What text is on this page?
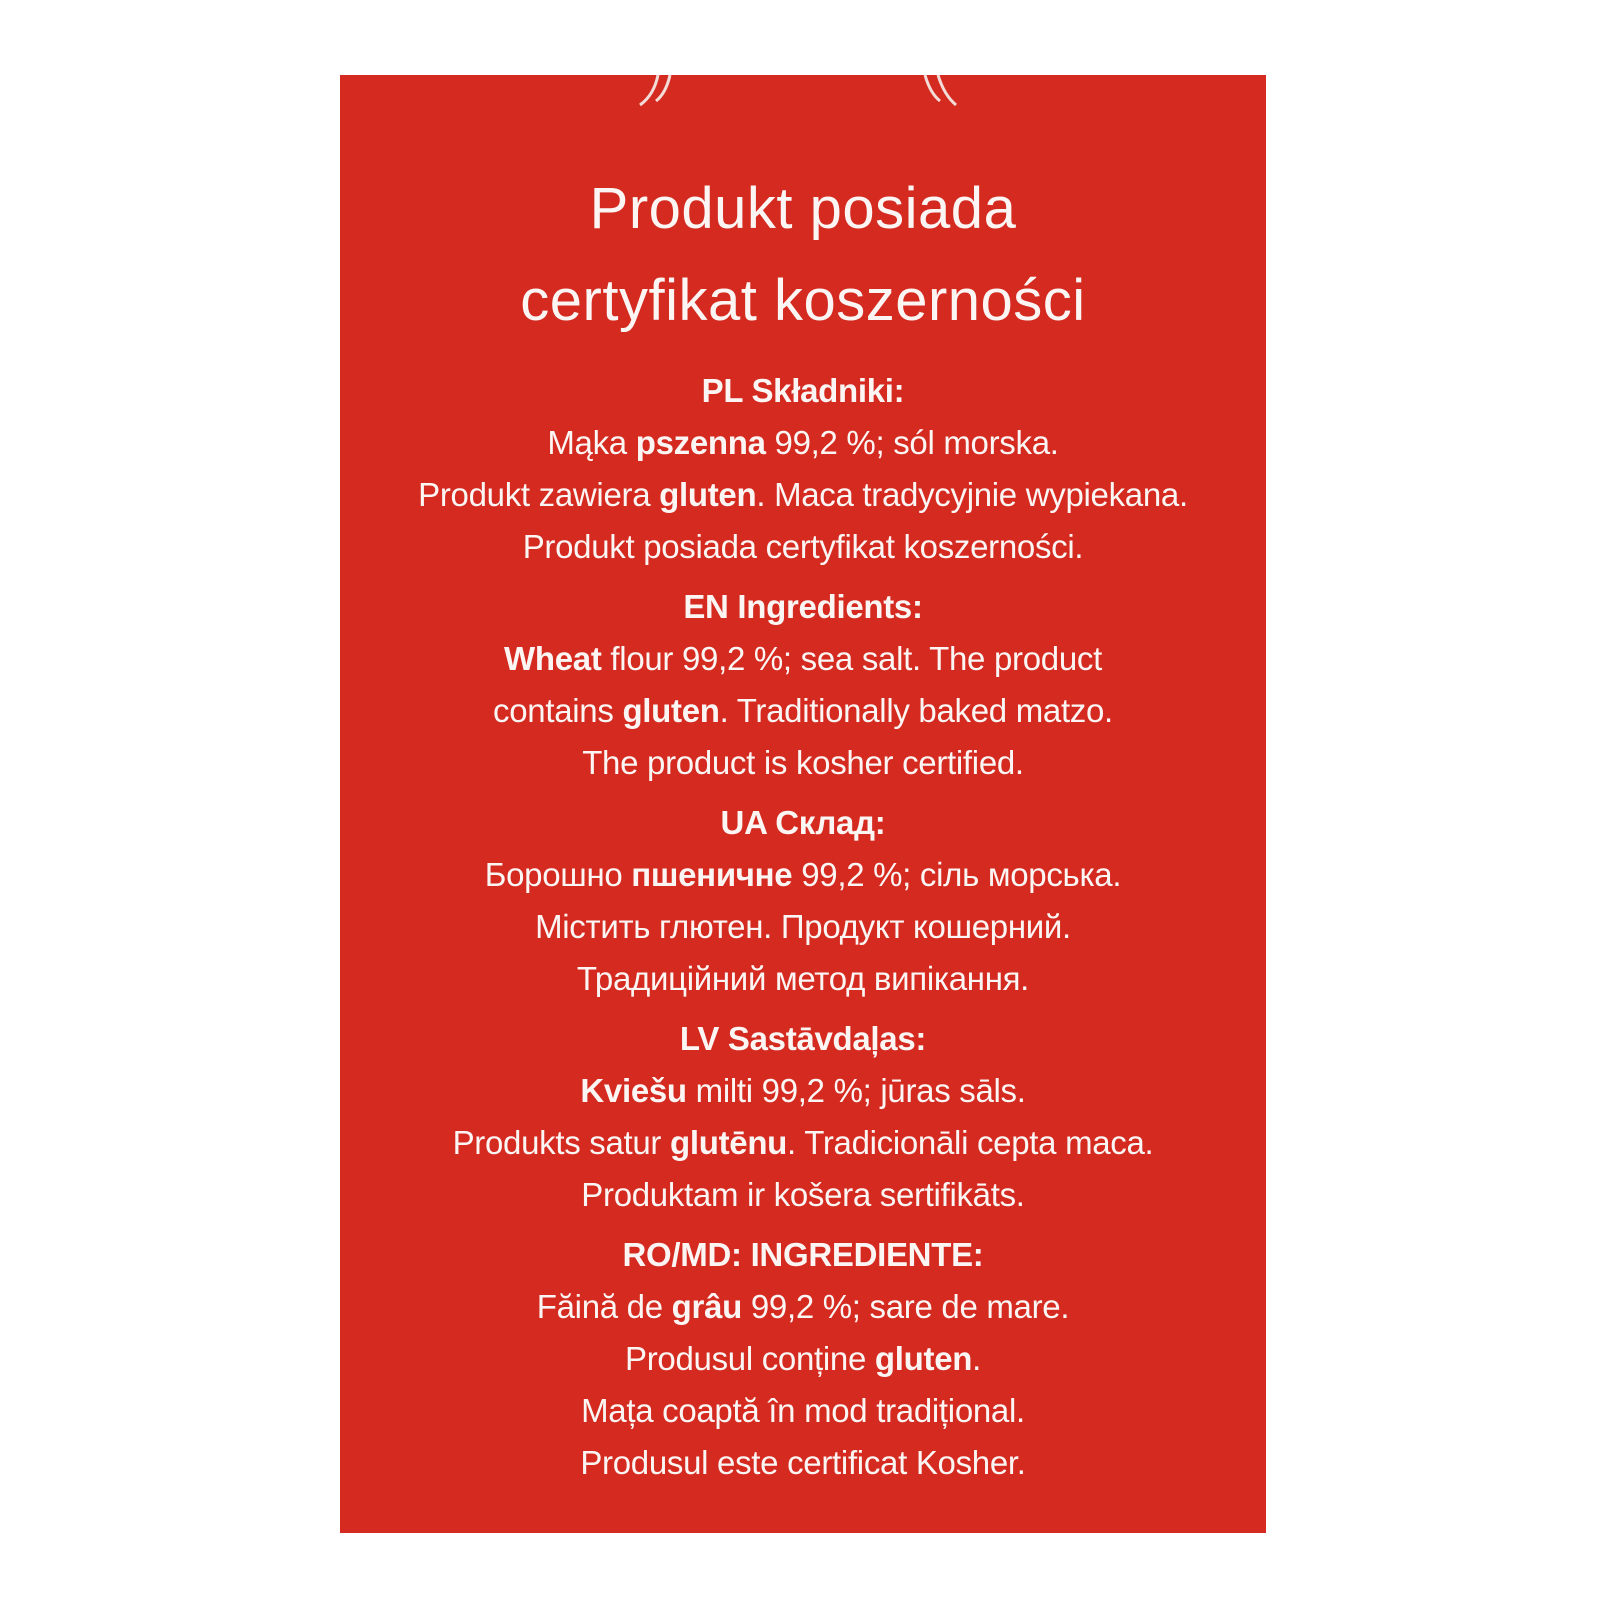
Produkt posiada
certyfikat koszerności
PL Składniki:
Mąka pszenna 99,2 %; sól morska.
Produkt zawiera gluten. Maca tradycyjnie wypiekana.
Produkt posiada certyfikat koszerności.
EN Ingredients:
Wheat flour 99,2 %; sea salt. The product
contains gluten. Traditionally baked matzo.
The product is kosher certified.
UA Склад:
Борошно пшеничне 99,2 %; сіль морська.
Містить глютен. Продукт кошерний.
Традиційний метод випікання.
LV Sastāvdaļas:
Kviešu milti 99,2 %; jūras sāls.
Produkts satur glutēnu. Tradicionāli cepta maca.
Produktam ir košera sertifikāts.
RO/MD: INGREDIENTE:
Făină de grâu 99,2 %; sare de mare.
Produsul conține gluten.
Mața coaptă în mod tradițional.
Produsul este certificat Kosher.
